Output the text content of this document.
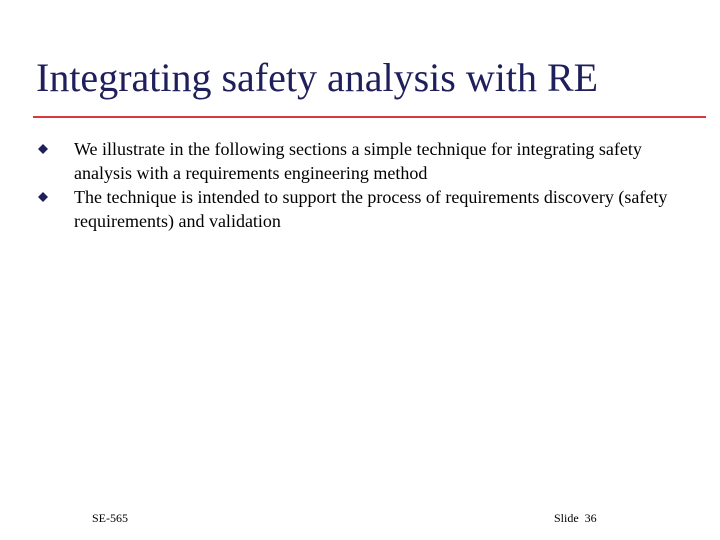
Integrating safety analysis with RE
We illustrate in the following sections a simple technique for integrating safety analysis with a requirements engineering method
The technique is intended to support the process of requirements discovery (safety requirements) and validation
SE-565	Slide  36
